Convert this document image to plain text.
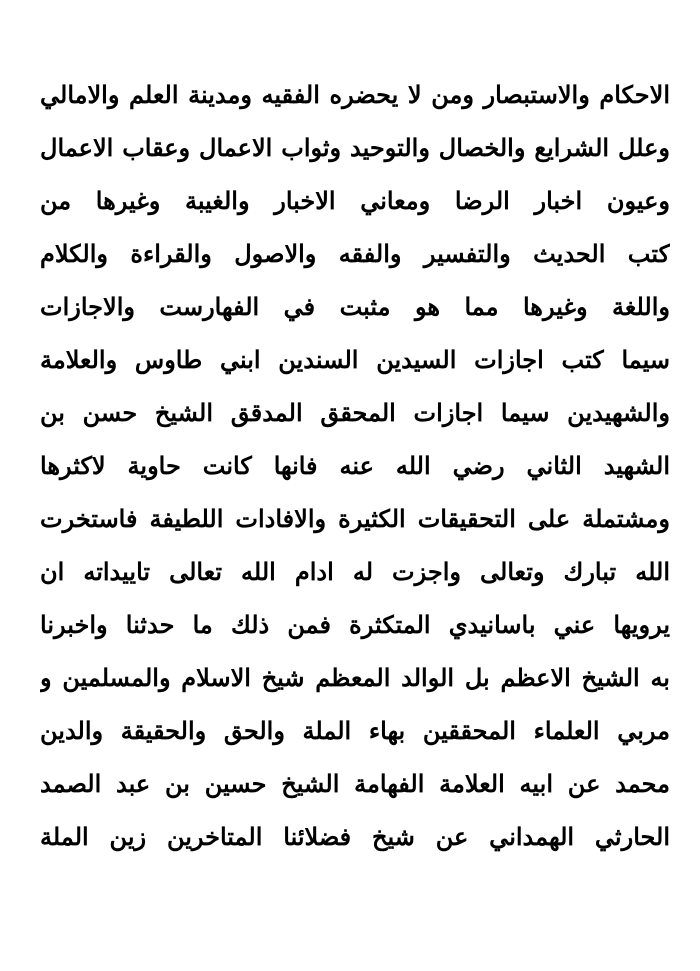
الاحكام والاستبصار ومن لا يحضره الفقيه ومدينة العلم والامالي
وعلل الشرايع والخصال والتوحيد وثواب الاعمال وعقاب الاعمال
وعيون اخبار الرضا ومعاني الاخبار والغيبة وغيرها من
كتب الحديث والتفسير والفقه والاصول والقراءة والكلام
واللغة وغيرها مما هو مثبت في الفهارست والاجازات
سيما كتب اجازات السيدين السندين ابني طاوس والعلامة
والشهيدين سيما اجازات المحقق المدقق الشيخ حسن بن
الشهيد الثاني رضي الله عنه فانها كانت حاوية لاكثرها
ومشتملة على التحقيقات الكثيرة والافادات اللطيفة فاستخرت
الله تبارك وتعالى واجزت له ادام الله تعالى تاييداته ان
يرويها عني باسانيدي المتكثرة فمن ذلك ما حدثنا واخبرنا
به الشيخ الاعظم بل الوالد المعظم شيخ الاسلام والمسلمين و
مربي العلماء المحققين بهاء الملة والحق والحقيقة والدين
محمد عن ابيه العلامة الفهامة الشيخ حسين بن عبد الصمد
الحارثي الهمداني عن شيخ فضلائنا المتاخرين زين الملة
